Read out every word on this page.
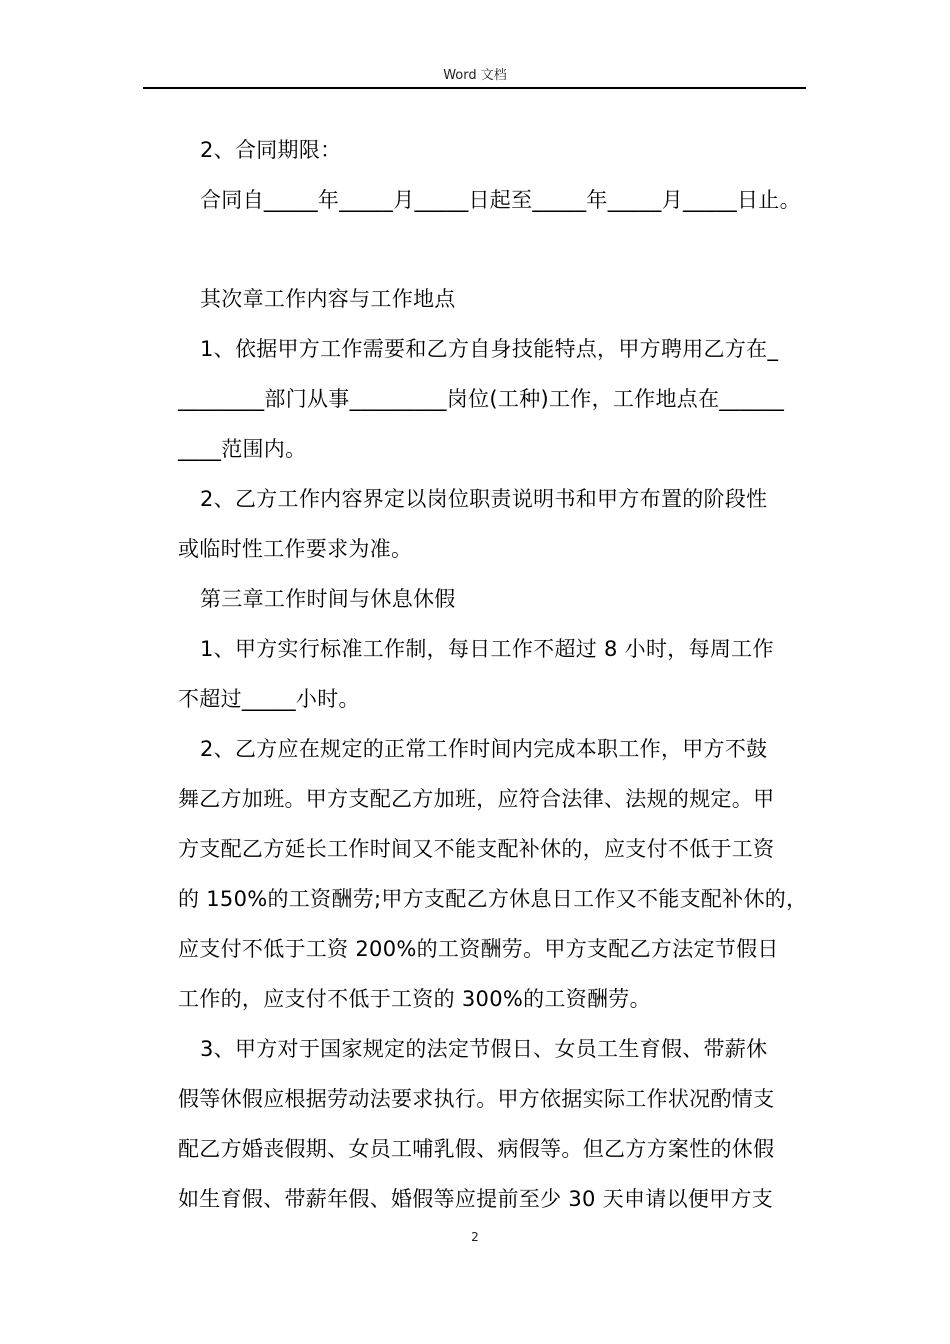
Word 文档
2、合同期限：
合同自_____年_____月_____日起至_____年_____月_____日止。
其次章工作内容与工作地点
1、依据甲方工作需要和乙方自身技能特点，甲方聘用乙方在_
________部门从事_________岗位(工种)工作，工作地点在______
____范围内。
2、乙方工作内容界定以岗位职责说明书和甲方布置的阶段性
或临时性工作要求为准。
第三章工作时间与休息休假
1、甲方实行标准工作制，每日工作不超过 8 小时，每周工作
不超过_____小时。
2、乙方应在规定的正常工作时间内完成本职工作，甲方不鼓
舞乙方加班。甲方支配乙方加班，应符合法律、法规的规定。甲
方支配乙方延长工作时间又不能支配补休的，应支付不低于工资
的 150%的工资酬劳;甲方支配乙方休息日工作又不能支配补休的，
应支付不低于工资 200%的工资酬劳。甲方支配乙方法定节假日
工作的，应支付不低于工资的 300%的工资酬劳。
3、甲方对于国家规定的法定节假日、女员工生育假、带薪休
假等休假应根据劳动法要求执行。甲方依据实际工作状况酌情支
配乙方婚丧假期、女员工哺乳假、病假等。但乙方方案性的休假
如生育假、带薪年假、婚假等应提前至少 30 天申请以便甲方支
2
